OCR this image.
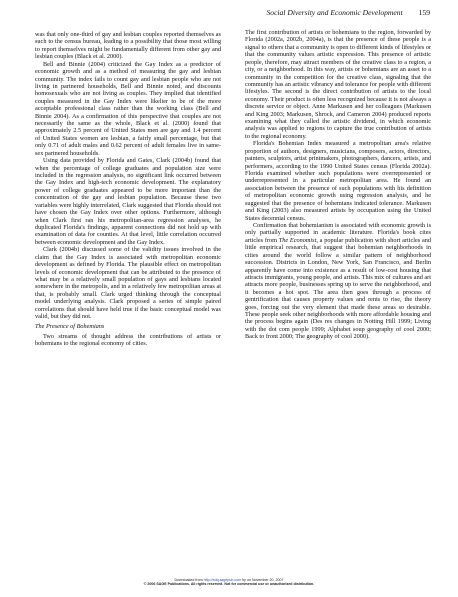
Social Diversity and Economic Development 159

was that only one-third of gay and lesbian couples reported themselves as such to the census bureau, leading to a possibility that those most willing to report themselves might be fundamentally different from other gay and lesbian couples (Black et al. 2000).

Bell and Binnie (2004) criticized the Gay Index as a predictor of economic growth and as a method of measuring the gay and lesbian community. The index fails to count gay and lesbian people who are not living in partnered households, Bell and Binnie noted, and discounts homosexuals who are not living as couples. They implied that identified couples measured in the Gay Index were likelier to be of the more acceptable professional class rather than the working class (Bell and Binnie 2004). As a confirmation of this perspective that couples are not necessarily the same as the whole, Black et al. (2000) found that approximately 2.5 percent of United States men are gay and 1.4 percent of United States women are lesbian, a fairly small percentage, but that only 0.71 of adult males and 0.62 percent of adult females live in same-sex partnered households.

Using data provided by Florida and Gates, Clark (2004b) found that when the percentage of college graduates and population size were included in the regression analysis, no significant link occurred between the Gay Index and high-tech economic development. The explanatory power of college graduates appeared to be more important than the concentration of the gay and lesbian population. Because these two variables were highly interrelated, Clark suggested that Florida should not have chosen the Gay Index over other options. Furthermore, although when Clark first ran his metropolitan-area regression analyses, he duplicated Florida's findings, apparent connections did not hold up with examination of data for counties. At that level, little correlation occurred between economic development and the Gay Index.

Clark (2004b) discussed some of the validity issues involved in the claim that the Gay Index is associated with metropolitan economic development as defined by Florida. The plausible effect on metropolitan levels of economic development that can be attributed to the presence of what may be a relatively small population of gays and lesbians located somewhere in the metropolis, and in a relatively few metropolitan areas at that, is probably small. Clark urged thinking through the conceptual model underlying analysis. Clark proposed a series of simple paired correlations that should have held true if the basic conceptual model was valid, but they did not.

The Presence of Bohemians

Two streams of thought address the contributions of artists or bohemians to the regional economy of cities.

The first contribution of artists or bohemians to the region, forwarded by Florida (2002a, 2002b, 2004a), is that the presence of these people is a signal to others that a community is open to different kinds of lifestyles or that the community values artistic expression. This presence of artistic people, therefore, may attract members of the creative class to a region, a city, or a neighborhood. In this way, artists or bohemians are an asset to a community in the competition for the creative class, signaling that the community has an artistic vibrancy and tolerance for people with different lifestyles. The second is the direct contribution of artists to the local economy. Their product is often less recognized because it is not always a discrete service or object. Anne Markusen and her colleagues (Markusen and King 2003; Markusen, Shrock, and Cameron 2004) produced reports examining what they called the artistic dividend, in which economic analysis was applied to regions to capture the true contribution of artists to the regional economy.

Florida's Bohemian Index measured a metropolitan area's relative proportion of authors, designers, musicians, composers, actors, directors, painters, sculptors, artist printmakers, photographers, dancers, artists, and performers, according to the 1990 United States census (Florida 2002a). Florida examined whether such populations were overrepresented or underrepresented in a particular metropolitan area. He found an association between the presence of such populations with his definition of metropolitan economic growth using regression analysis, and he suggested that the presence of bohemians indicated tolerance. Markusen and King (2003) also measured artists by occupation using the United States decennial census.

Confirmation that bohemianism is associated with economic growth is only partially supported in academic literature. Florida's book cites articles from The Economist, a popular publication with short articles and little empirical research, that suggest that bohemian neighborhoods in cities around the world follow a similar pattern of neighborhood succession. Districts in London, New York, San Francisco, and Berlin apparently have come into existence as a result of low-cost housing that attracts immigrants, young people, and artists. This mix of cultures and art attracts more people, businesses spring up to serve the neighborhood, and it becomes a hot spot. The area then goes through a process of gentrification that causes property values and rents to rise, the theory goes, forcing out the very element that made these areas so desirable. These people seek other neighborhoods with more affordable housing and the process begins again (Des res changes in Notting Hill 1999; Living with the dot com people 1999; Alphabet soup geography of cool 2000; Back to front 2000; The geography of cool 2000).

Downloaded from http://edq.sagepub.com by on November 20, 2007
© 2006 SAGE Publications. All rights reserved. Not for commercial use or unauthorized distribution.
